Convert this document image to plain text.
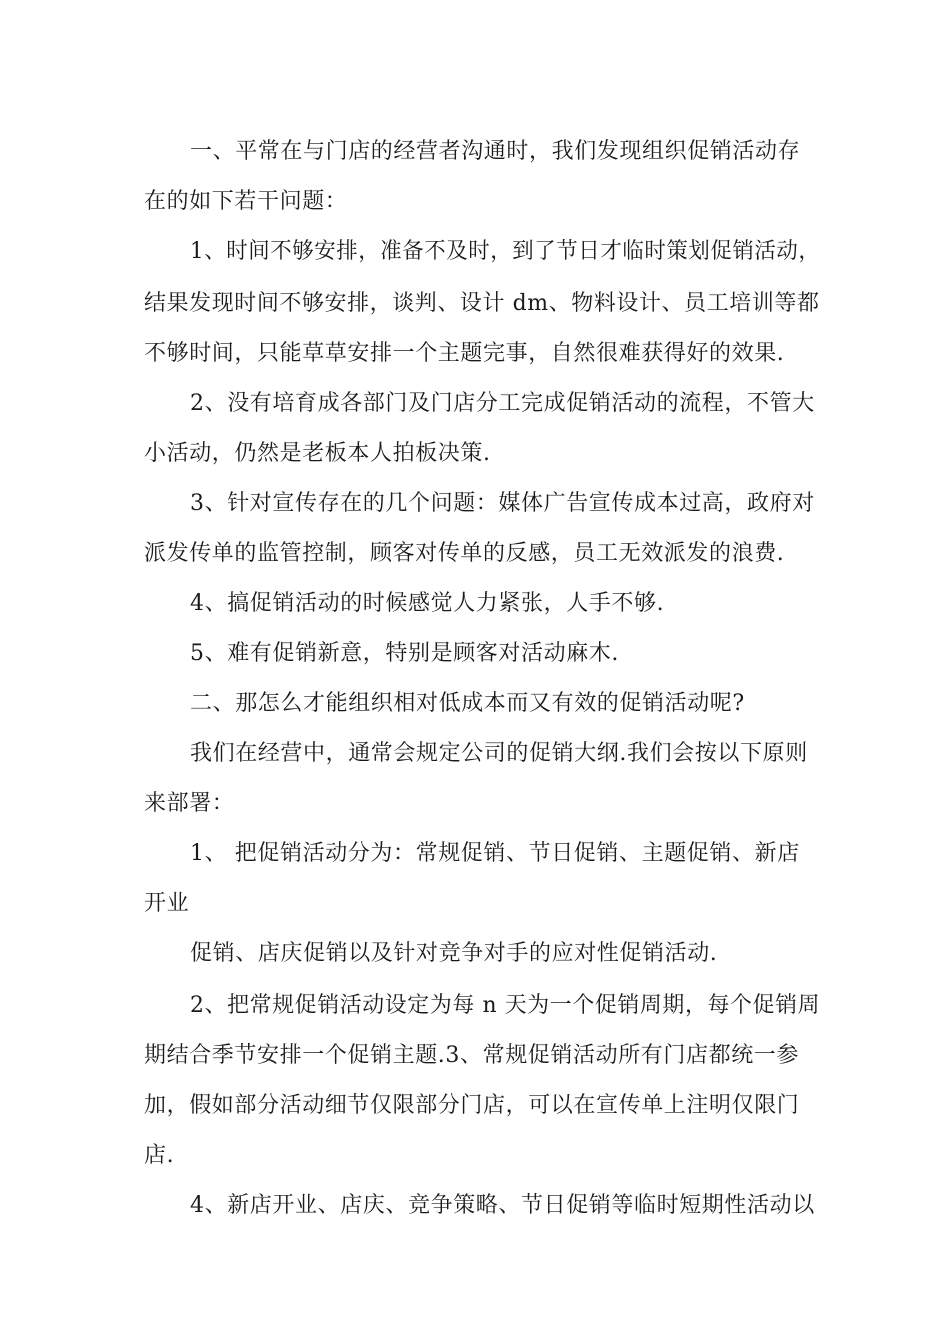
一、平常在与门店的经营者沟通时，我们发现组织促销活动存
在的如下若干问题：
1、时间不够安排，准备不及时，到了节日才临时策划促销活动，
结果发现时间不够安排，谈判、设计 dm、物料设计、员工培训等都
不够时间，只能草草安排一个主题完事，自然很难获得好的效果.
2、没有培育成各部门及门店分工完成促销活动的流程，不管大
小活动，仍然是老板本人拍板决策.
3、针对宣传存在的几个问题：媒体广告宣传成本过高，政府对
派发传单的监管控制，顾客对传单的反感，员工无效派发的浪费.
4、搞促销活动的时候感觉人力紧张，人手不够.
5、难有促销新意，特别是顾客对活动麻木.
二、那怎么才能组织相对低成本而又有效的促销活动呢?
我们在经营中，通常会规定公司的促销大纲.我们会按以下原则
来部署：
1、 把促销活动分为：常规促销、节日促销、主题促销、新店
开业
促销、店庆促销以及针对竞争对手的应对性促销活动.
2、把常规促销活动设定为每 n 天为一个促销周期，每个促销周
期结合季节安排一个促销主题.3、常规促销活动所有门店都统一参
加，假如部分活动细节仅限部分门店，可以在宣传单上注明仅限门
店.
4、新店开业、店庆、竞争策略、节日促销等临时短期性活动以
